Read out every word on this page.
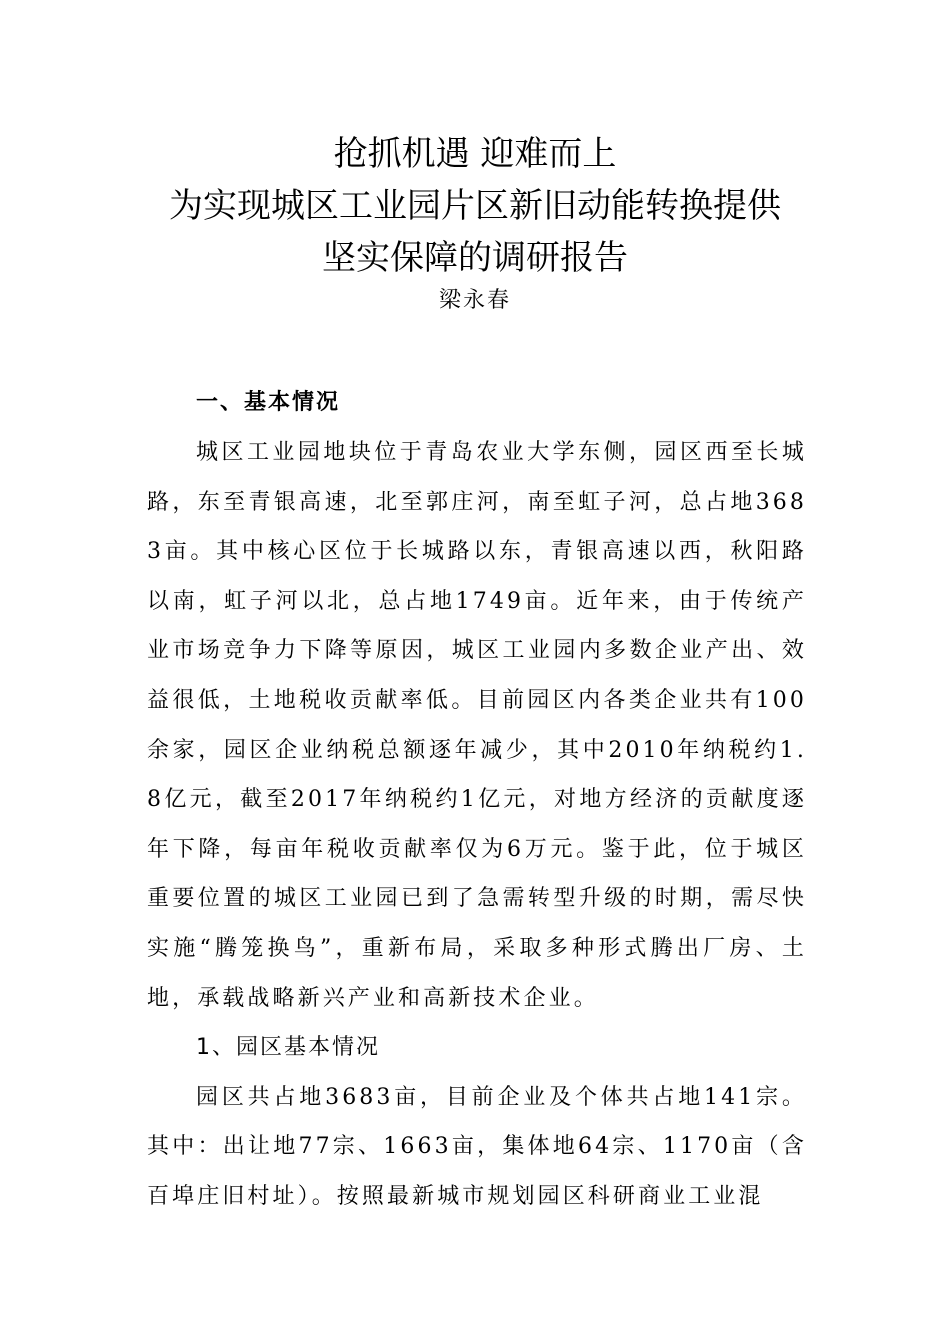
抢抓机遇 迎难而上
为实现城区工业园片区新旧动能转换提供
坚实保障的调研报告
梁永春

一、基本情况

城区工业园地块位于青岛农业大学东侧，园区西至长城路，东至青银高速，北至郭庄河，南至虹子河，总占地3683亩。其中核心区位于长城路以东，青银高速以西，秋阳路以南，虹子河以北，总占地1749亩。近年来，由于传统产业市场竞争力下降等原因，城区工业园内多数企业产出、效益很低，土地税收贡献率低。目前园区内各类企业共有100余家，园区企业纳税总额逐年减少，其中2010年纳税约1.8亿元，截至2017年纳税约1亿元，对地方经济的贡献度逐年下降，每亩年税收贡献率仅为6万元。鉴于此，位于城区重要位置的城区工业园已到了急需转型升级的时期，需尽快实施“腾笼换鸟”，重新布局，采取多种形式腾出厂房、土地，承载战略新兴产业和高新技术企业。

1、园区基本情况

园区共占地3683亩，目前企业及个体共占地141宗。其中：出让地77宗、1663亩，集体地64宗、1170亩（含百埠庄旧村址）。按照最新城市规划园区科研商业工业混
